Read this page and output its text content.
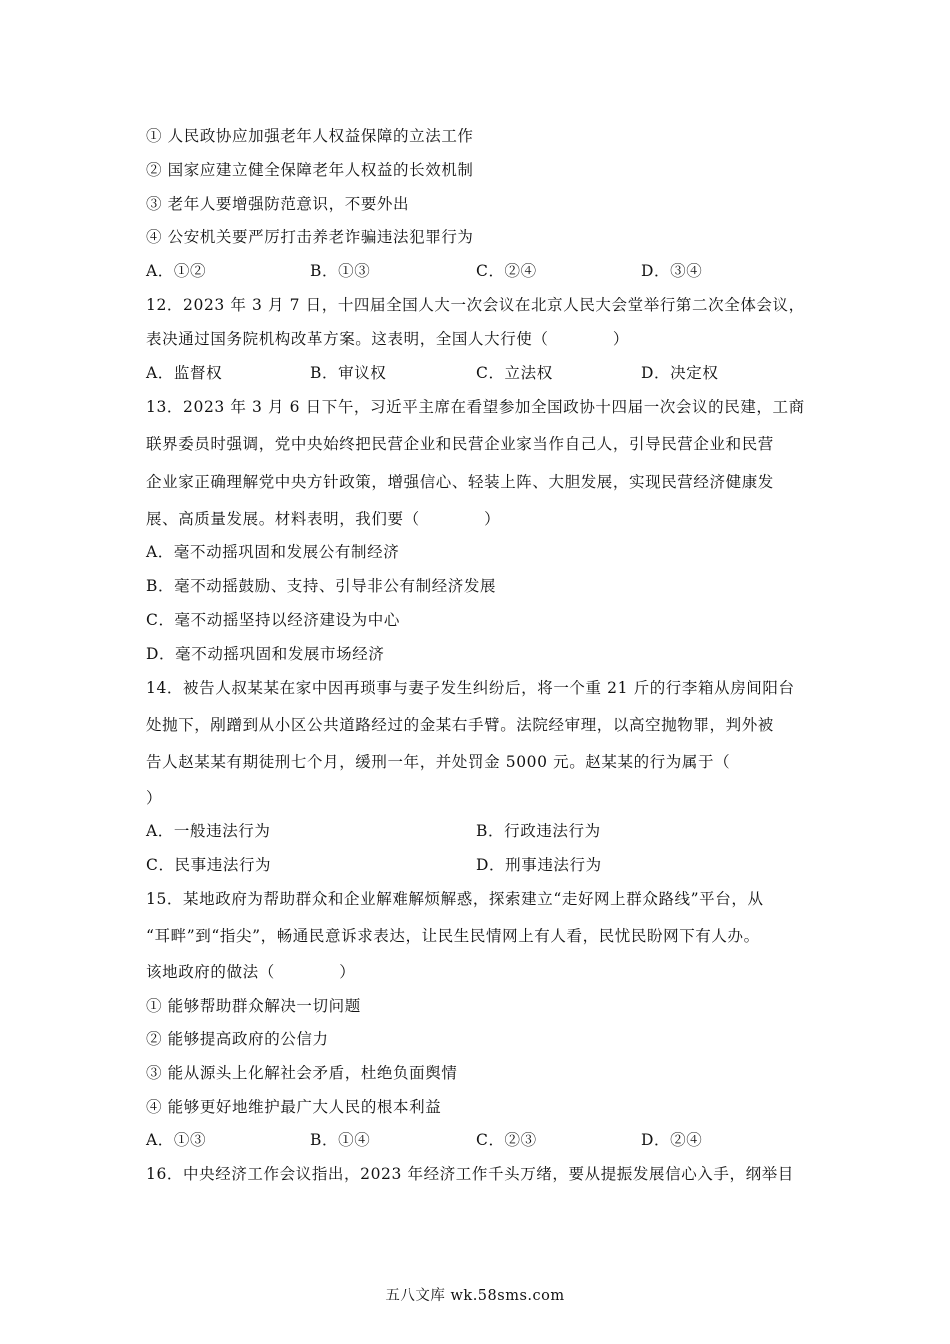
① 人民政协应加强老年人权益保障的立法工作
② 国家应建立健全保障老年人权益的长效机制
③ 老年人要增强防范意识，不要外出
④ 公安机关要严厉打击养老诈骗违法犯罪行为
A．①②	B．①③	C．②④	D．③④
12．2023 年 3 月 7 日，十四届全国人大一次会议在北京人民大会堂举行第二次全体会议，
表决通过国务院机构改革方案。这表明，全国人大行使（　　　　）
A．监督权	B．审议权	C．立法权	D．决定权
13．2023 年 3 月 6 日下午，习近平主席在看望参加全国政协十四届一次会议的民建，工商
联界委员时强调，党中央始终把民营企业和民营企业家当作自己人，引导民营企业和民营
企业家正确理解党中央方针政策，增强信心、轻装上阵、大胆发展，实现民营经济健康发
展、高质量发展。材料表明，我们要（　　　　）
A．毫不动摇巩固和发展公有制经济
B．毫不动摇鼓励、支持、引导非公有制经济发展
C．毫不动摇坚持以经济建设为中心
D．毫不动摇巩固和发展市场经济
14．被告人叔某某在家中因再琐事与妻子发生纠纷后，将一个重 21 斤的行李箱从房间阳台
处抛下，剐蹭到从小区公共道路经过的金某右手臂。法院经审理，以高空抛物罪，判外被
告人赵某某有期徒刑七个月，缓刑一年，并处罚金 5000 元。赵某某的行为属于（
）
A．一般违法行为	B．行政违法行为
C．民事违法行为	D．刑事违法行为
15．某地政府为帮助群众和企业解难解烦解惑，探索建立“走好网上群众路线”平台，从
“耳畔”到“指尖”，畅通民意诉求表达，让民生民情网上有人看，民忧民盼网下有人办。
该地政府的做法（　　　　）
① 能够帮助群众解决一切问题
② 能够提高政府的公信力
③ 能从源头上化解社会矛盾，杜绝负面舆情
④ 能够更好地维护最广大人民的根本利益
A．①③	B．①④	C．②③	D．②④
16．中央经济工作会议指出，2023 年经济工作千头万绪，要从提振发展信心入手，纲举目
五八文库 wk.58sms.com
